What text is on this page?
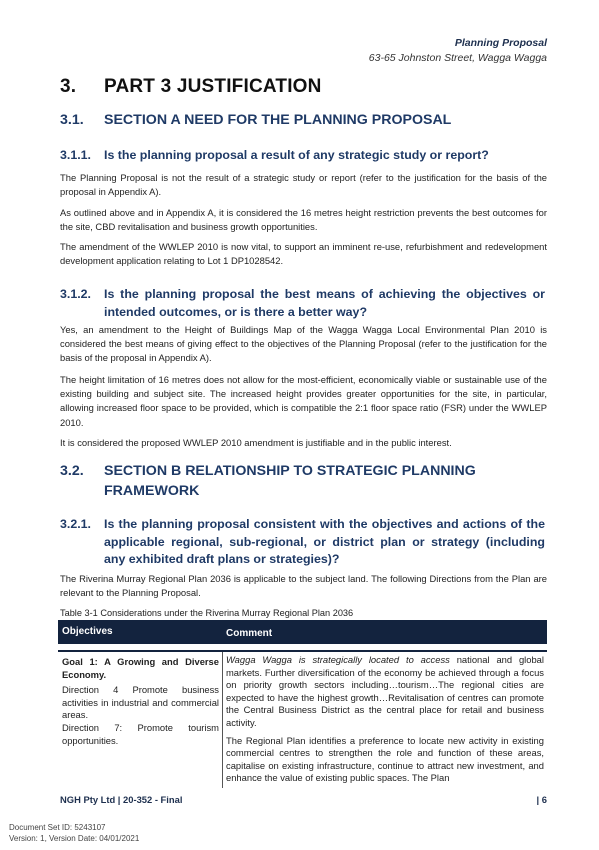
Planning Proposal
63-65 Johnston Street, Wagga Wagga
3. PART 3 JUSTIFICATION
3.1. SECTION A NEED FOR THE PLANNING PROPOSAL
3.1.1. Is the planning proposal a result of any strategic study or report?
The Planning Proposal is not the result of a strategic study or report (refer to the justification for the basis of the proposal in Appendix A).
As outlined above and in Appendix A, it is considered the 16 metres height restriction prevents the best outcomes for the site, CBD revitalisation and business growth opportunities.
The amendment of the WWLEP 2010 is now vital, to support an imminent re-use, refurbishment and redevelopment development application relating to Lot 1 DP1028542.
3.1.2. Is the planning proposal the best means of achieving the objectives or intended outcomes, or is there a better way?
Yes, an amendment to the Height of Buildings Map of the Wagga Wagga Local Environmental Plan 2010 is considered the best means of giving effect to the objectives of the Planning Proposal (refer to the justification for the basis of the proposal in Appendix A).
The height limitation of 16 metres does not allow for the most-efficient, economically viable or sustainable use of the existing building and subject site. The increased height provides greater opportunities for the site, in particular, allowing increased floor space to be provided, which is compatible the 2:1 floor space ratio (FSR) under the WWLEP 2010.
It is considered the proposed WWLEP 2010 amendment is justifiable and in the public interest.
3.2. SECTION B RELATIONSHIP TO STRATEGIC PLANNING FRAMEWORK
3.2.1. Is the planning proposal consistent with the objectives and actions of the applicable regional, sub-regional, or district plan or strategy (including any exhibited draft plans or strategies)?
The Riverina Murray Regional Plan 2036 is applicable to the subject land. The following Directions from the Plan are relevant to the Planning Proposal.
Table 3-1 Considerations under the Riverina Murray Regional Plan 2036
Objectives	Comment
Goal 1: A Growing and Diverse Economy.
Direction 4 Promote business activities in industrial and commercial areas.
Direction 7: Promote tourism opportunities.
Wagga Wagga is strategically located to access national and global markets. Further diversification of the economy be achieved through a focus on priority growth sectors including…tourism…The regional cities are expected to have the highest growth…Revitalisation of centres can promote the Central Business District as the central place for retail and business activity.
The Regional Plan identifies a preference to locate new activity in existing commercial centres to strengthen the role and function of these areas, capitalise on existing infrastructure, continue to attract new investment, and enhance the value of existing public spaces. The Plan
NGH Pty Ltd | 20-352 - Final	| 6
Document Set ID: 5243107
Version: 1, Version Date: 04/01/2021
